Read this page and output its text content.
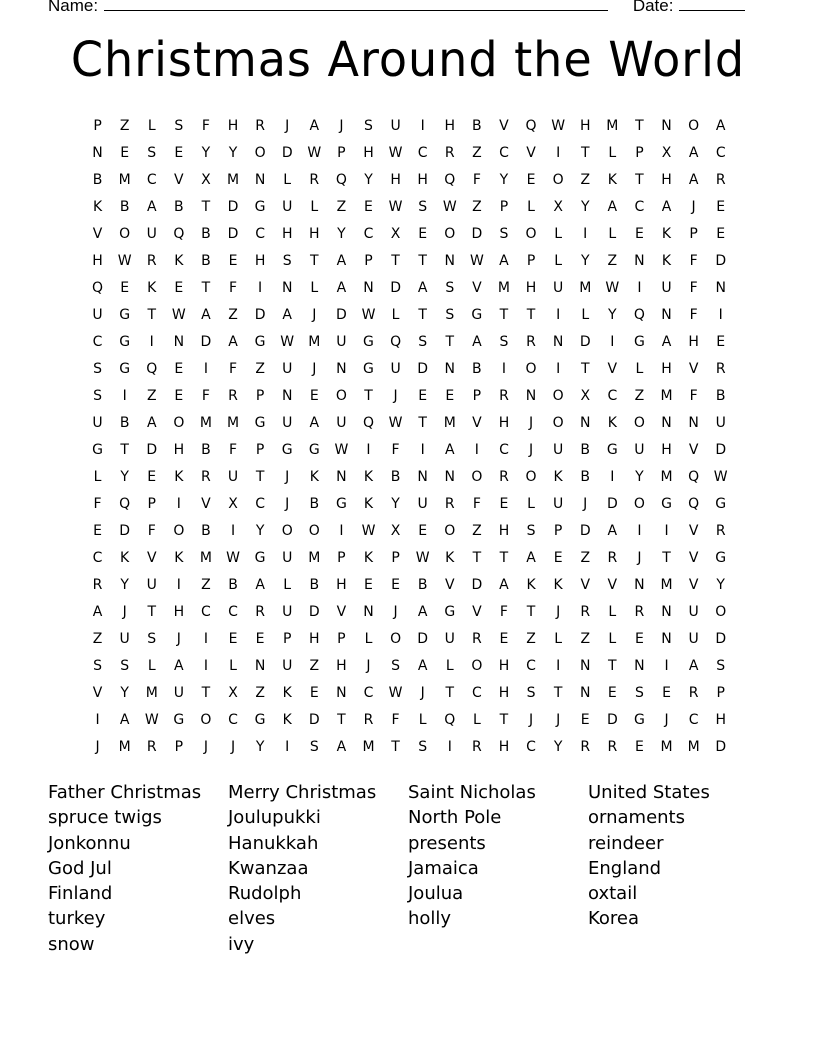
Name:	Date:
Christmas Around the World
P	Z	L	S	F	H	R	J	A	J	S	U	I	H	B	V	Q	W	H	M	T	N	O	A
N	E	S	E	Y	Y	O	D	W	P	H	W	C	R	Z	C	V	I	T	L	P	X	A	C
B	M	C	V	X	M	N	L	R	Q	Y	H	H	Q	F	Y	E	O	Z	K	T	H	A	R
K	B	A	B	T	D	G	U	L	Z	E	W	S	W	Z	P	L	X	Y	A	C	A	J	E
V	O	U	Q	B	D	C	H	H	Y	C	X	E	O	D	S	O	L	I	L	E	K	P	E
H	W	R	K	B	E	H	S	T	A	P	T	T	N	W	A	P	L	Y	Z	N	K	F	D
Q	E	K	E	T	F	I	N	L	A	N	D	A	S	V	M	H	U	M	W	I	U	F	N
U	G	T	W	A	Z	D	A	J	D	W	L	T	S	G	T	T	I	L	Y	Q	N	F	I
C	G	I	N	D	A	G	W	M	U	G	Q	S	T	A	S	R	N	D	I	G	A	H	E
S	G	Q	E	I	F	Z	U	J	N	G	U	D	N	B	I	O	I	T	V	L	H	V	R
S	I	Z	E	F	R	P	N	E	O	T	J	E	E	P	R	N	O	X	C	Z	M	F	B
U	B	A	O	M	M	G	U	A	U	Q	W	T	M	V	H	J	O	N	K	O	N	N	U
G	T	D	H	B	F	P	G	G	W	I	F	I	A	I	C	J	U	B	G	U	H	V	D
L	Y	E	K	R	U	T	J	K	N	K	B	N	N	O	R	O	K	B	I	Y	M	Q	W
F	Q	P	I	V	X	C	J	B	G	K	Y	U	R	F	E	L	U	J	D	O	G	Q	G
E	D	F	O	B	I	Y	O	O	I	W	X	E	O	Z	H	S	P	D	A	I	I	V	R
C	K	V	K	M	W	G	U	M	P	K	P	W	K	T	T	A	E	Z	R	J	T	V	G
R	Y	U	I	Z	B	A	L	B	H	E	E	B	V	D	A	K	K	V	V	N	M	V	Y
A	J	T	H	C	C	R	U	D	V	N	J	A	G	V	F	T	J	R	L	R	N	U	O
Z	U	S	J	I	E	E	P	H	P	L	O	D	U	R	E	Z	L	Z	L	E	N	U	D
S	S	L	A	I	L	N	U	Z	H	J	S	A	L	O	H	C	I	N	T	N	I	A	S
V	Y	M	U	T	X	Z	K	E	N	C	W	J	T	C	H	S	T	N	E	S	E	R	P
I	A	W	G	O	C	G	K	D	T	R	F	L	Q	L	T	J	J	E	D	G	J	C	H
J	M	R	P	J	J	Y	I	S	A	M	T	S	I	R	H	C	Y	R	R	E	M	M	D
Father Christmas	Merry Christmas	Saint Nicholas	United States
spruce twigs	Joulupukki	North Pole	ornaments
Jonkonnu	Hanukkah	presents	reindeer
God Jul	Kwanzaa	Jamaica	England
Finland	Rudolph	Joulua	oxtail
turkey	elves	holly	Korea
snow	ivy
